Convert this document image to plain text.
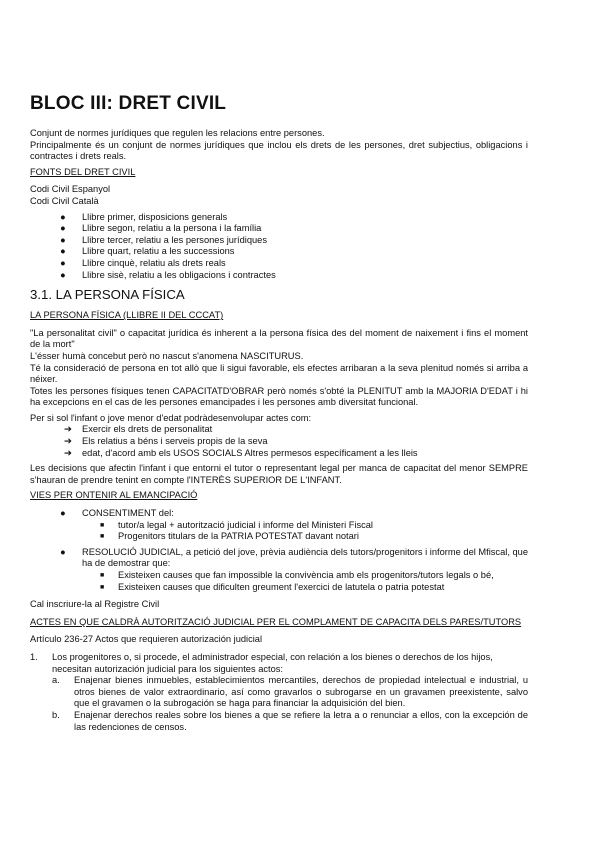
BLOC III: DRET CIVIL

Conjunt de normes jurídiques que regulen les relacions entre persones.

Principalmente és un conjunt de normes jurídiques que inclou els drets de les persones, dret subjectius, obligacions i contractes i drets reals.

FONTS DEL DRET CIVIL

Codi Civil Espanyol

Codi Civil Català

● Llibre primer, disposicions generals
● Llibre segon, relatiu a la persona i la família
● Llibre tercer, relatiu a les persones jurídiques
● Llibre quart, relatiu a les successions
● Llibre cinquè, relatiu als drets reals
● Llibre sisè, relatiu a les obligacions i contractes
3.1. LA PERSONA FÍSICA

LA PERSONA FÍSICA (LLIBRE II DEL CCCAT)

"La personalitat civil" o capacitat jurídica és inherent a la persona física des del moment de naixement i fins el moment de la mort"

L'ésser humà concebut però no nascut s'anomena NASCITURUS.

Té la consideració de persona en tot allò que li sigui favorable, els efectes arribaran a la seva plenitud només si arriba a néixer.

Totes les persones físiques tenen CAPACITATD'OBRAR però només s'obté la PLENITUT amb la MAJORIA D'EDAT i hi ha excepcions en el cas de les persones emancipades i les persones amb diversitat funcional.

Per si sol l'infant o jove menor d'edat podràdesenvolupar actes com:

➔ Exercir els drets de personalitat
➔ Els relatius a béns i serveis propis de la seva
➔ edat, d'acord amb els USOS SOCIALS Altres permesos específicament a les lleis

Les decisions que afectin l'infant i que entorni el tutor o representant legal per manca de capacitat del menor SEMPRE s'hauran de prendre tenint en compte l'INTERÈS SUPERIOR DE L'INFANT.

VIES PER ONTENIR AL EMANCIPACIÓ

● CONSENTIMENT del:
■ tutor/a legal + autorització judicial i informe del Ministeri Fiscal
■ Progenitors titulars de la PATRIA POTESTAT davant notari
● RESOLUCIÓ JUDICIAL, a petició del jove, prèvia audiència dels tutors/progenitors i informe del Mfiscal, que ha de demostrar que:
■ Existeixen causes que fan impossible la convivència amb els progenitors/tutors legals o bé,
■ Existeixen causes que dificulten greument l'exercici de latutela o patria potestat

Cal inscriure-la al Registre Civil

ACTES EN QUE CALDRÀ AUTORITZACIÓ JUDICIAL PER EL COMPLAMENT DE CAPACITA DELS PARES/TUTORS

Artículo 236-27 Actos que requieren autorización judicial

1. Los progenitores o, si procede, el administrador especial, con relación a los bienes o derechos de los hijos, necesitan autorización judicial para los siguientes actos:
a. Enajenar bienes inmuebles, establecimientos mercantiles, derechos de propiedad intelectual e industrial, u otros bienes de valor extraordinario, así como gravarlos o subrogarse en un gravamen preexistente, salvo que el gravamen o la subrogación se haga para financiar la adquisición del bien.
b. Enajenar derechos reales sobre los bienes a que se refiere la letra a o renunciar a ellos, con la excepción de las redenciones de censos.
